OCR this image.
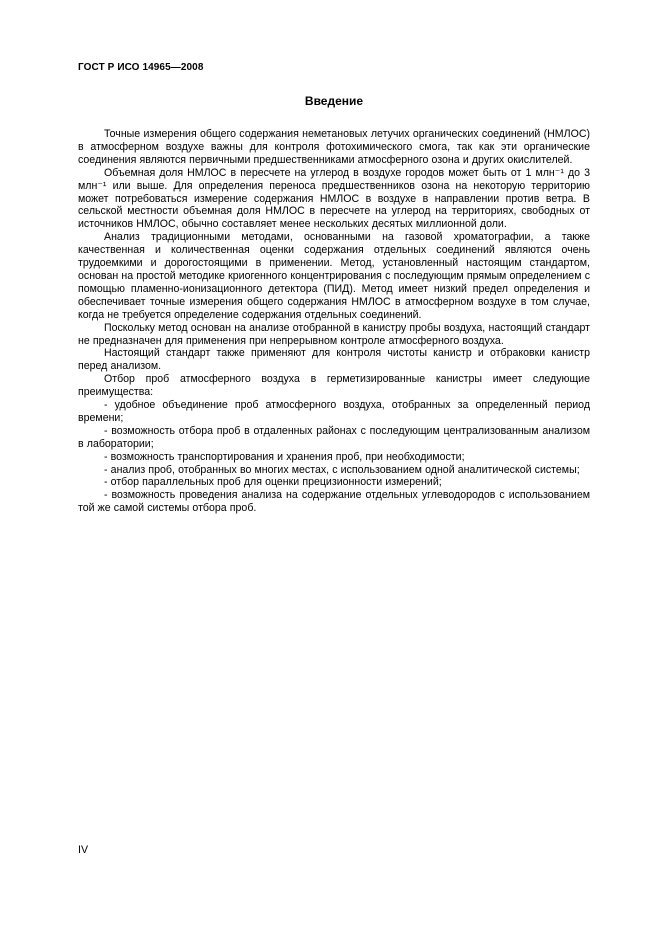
ГОСТ Р ИСО 14965—2008
Введение

Точные измерения общего содержания неметановых летучих органических соединений (НМЛОС) в атмосферном воздухе важны для контроля фотохимического смога, так как эти органические соединения являются первичными предшественниками атмосферного озона и других окислителей.

Объемная доля НМЛОС в пересчете на углерод в воздухе городов может быть от 1 млн⁻¹ до 3 млн⁻¹ или выше. Для определения переноса предшественников озона на некоторую территорию может потребоваться измерение содержания НМЛОС в воздухе в направлении против ветра. В сельской местности объемная доля НМЛОС в пересчете на углерод на территориях, свободных от источников НМЛОС, обычно составляет менее нескольких десятых миллионной доли.

Анализ традиционными методами, основанными на газовой хроматографии, а также качественная и количественная оценки содержания отдельных соединений являются очень трудоемкими и дорогостоящими в применении. Метод, установленный настоящим стандартом, основан на простой методике криогенного концентрирования с последующим прямым определением с помощью пламенно-ионизационного детектора (ПИД). Метод имеет низкий предел определения и обеспечивает точные измерения общего содержания НМЛОС в атмосферном воздухе в том случае, когда не требуется определение содержания отдельных соединений.

Поскольку метод основан на анализе отобранной в канистру пробы воздуха, настоящий стандарт не предназначен для применения при непрерывном контроле атмосферного воздуха.

Настоящий стандарт также применяют для контроля чистоты канистр и отбраковки канистр перед анализом.

Отбор проб атмосферного воздуха в герметизированные канистры имеет следующие преимущества:

- удобное объединение проб атмосферного воздуха, отобранных за определенный период времени;

- возможность отбора проб в отдаленных районах с последующим централизованным анализом в лаборатории;

- возможность транспортирования и хранения проб, при необходимости;

- анализ проб, отобранных во многих местах, с использованием одной аналитической системы;

- отбор параллельных проб для оценки прецизионности измерений;

- возможность проведения анализа на содержание отдельных углеводородов с использованием той же самой системы отбора проб.

IV
